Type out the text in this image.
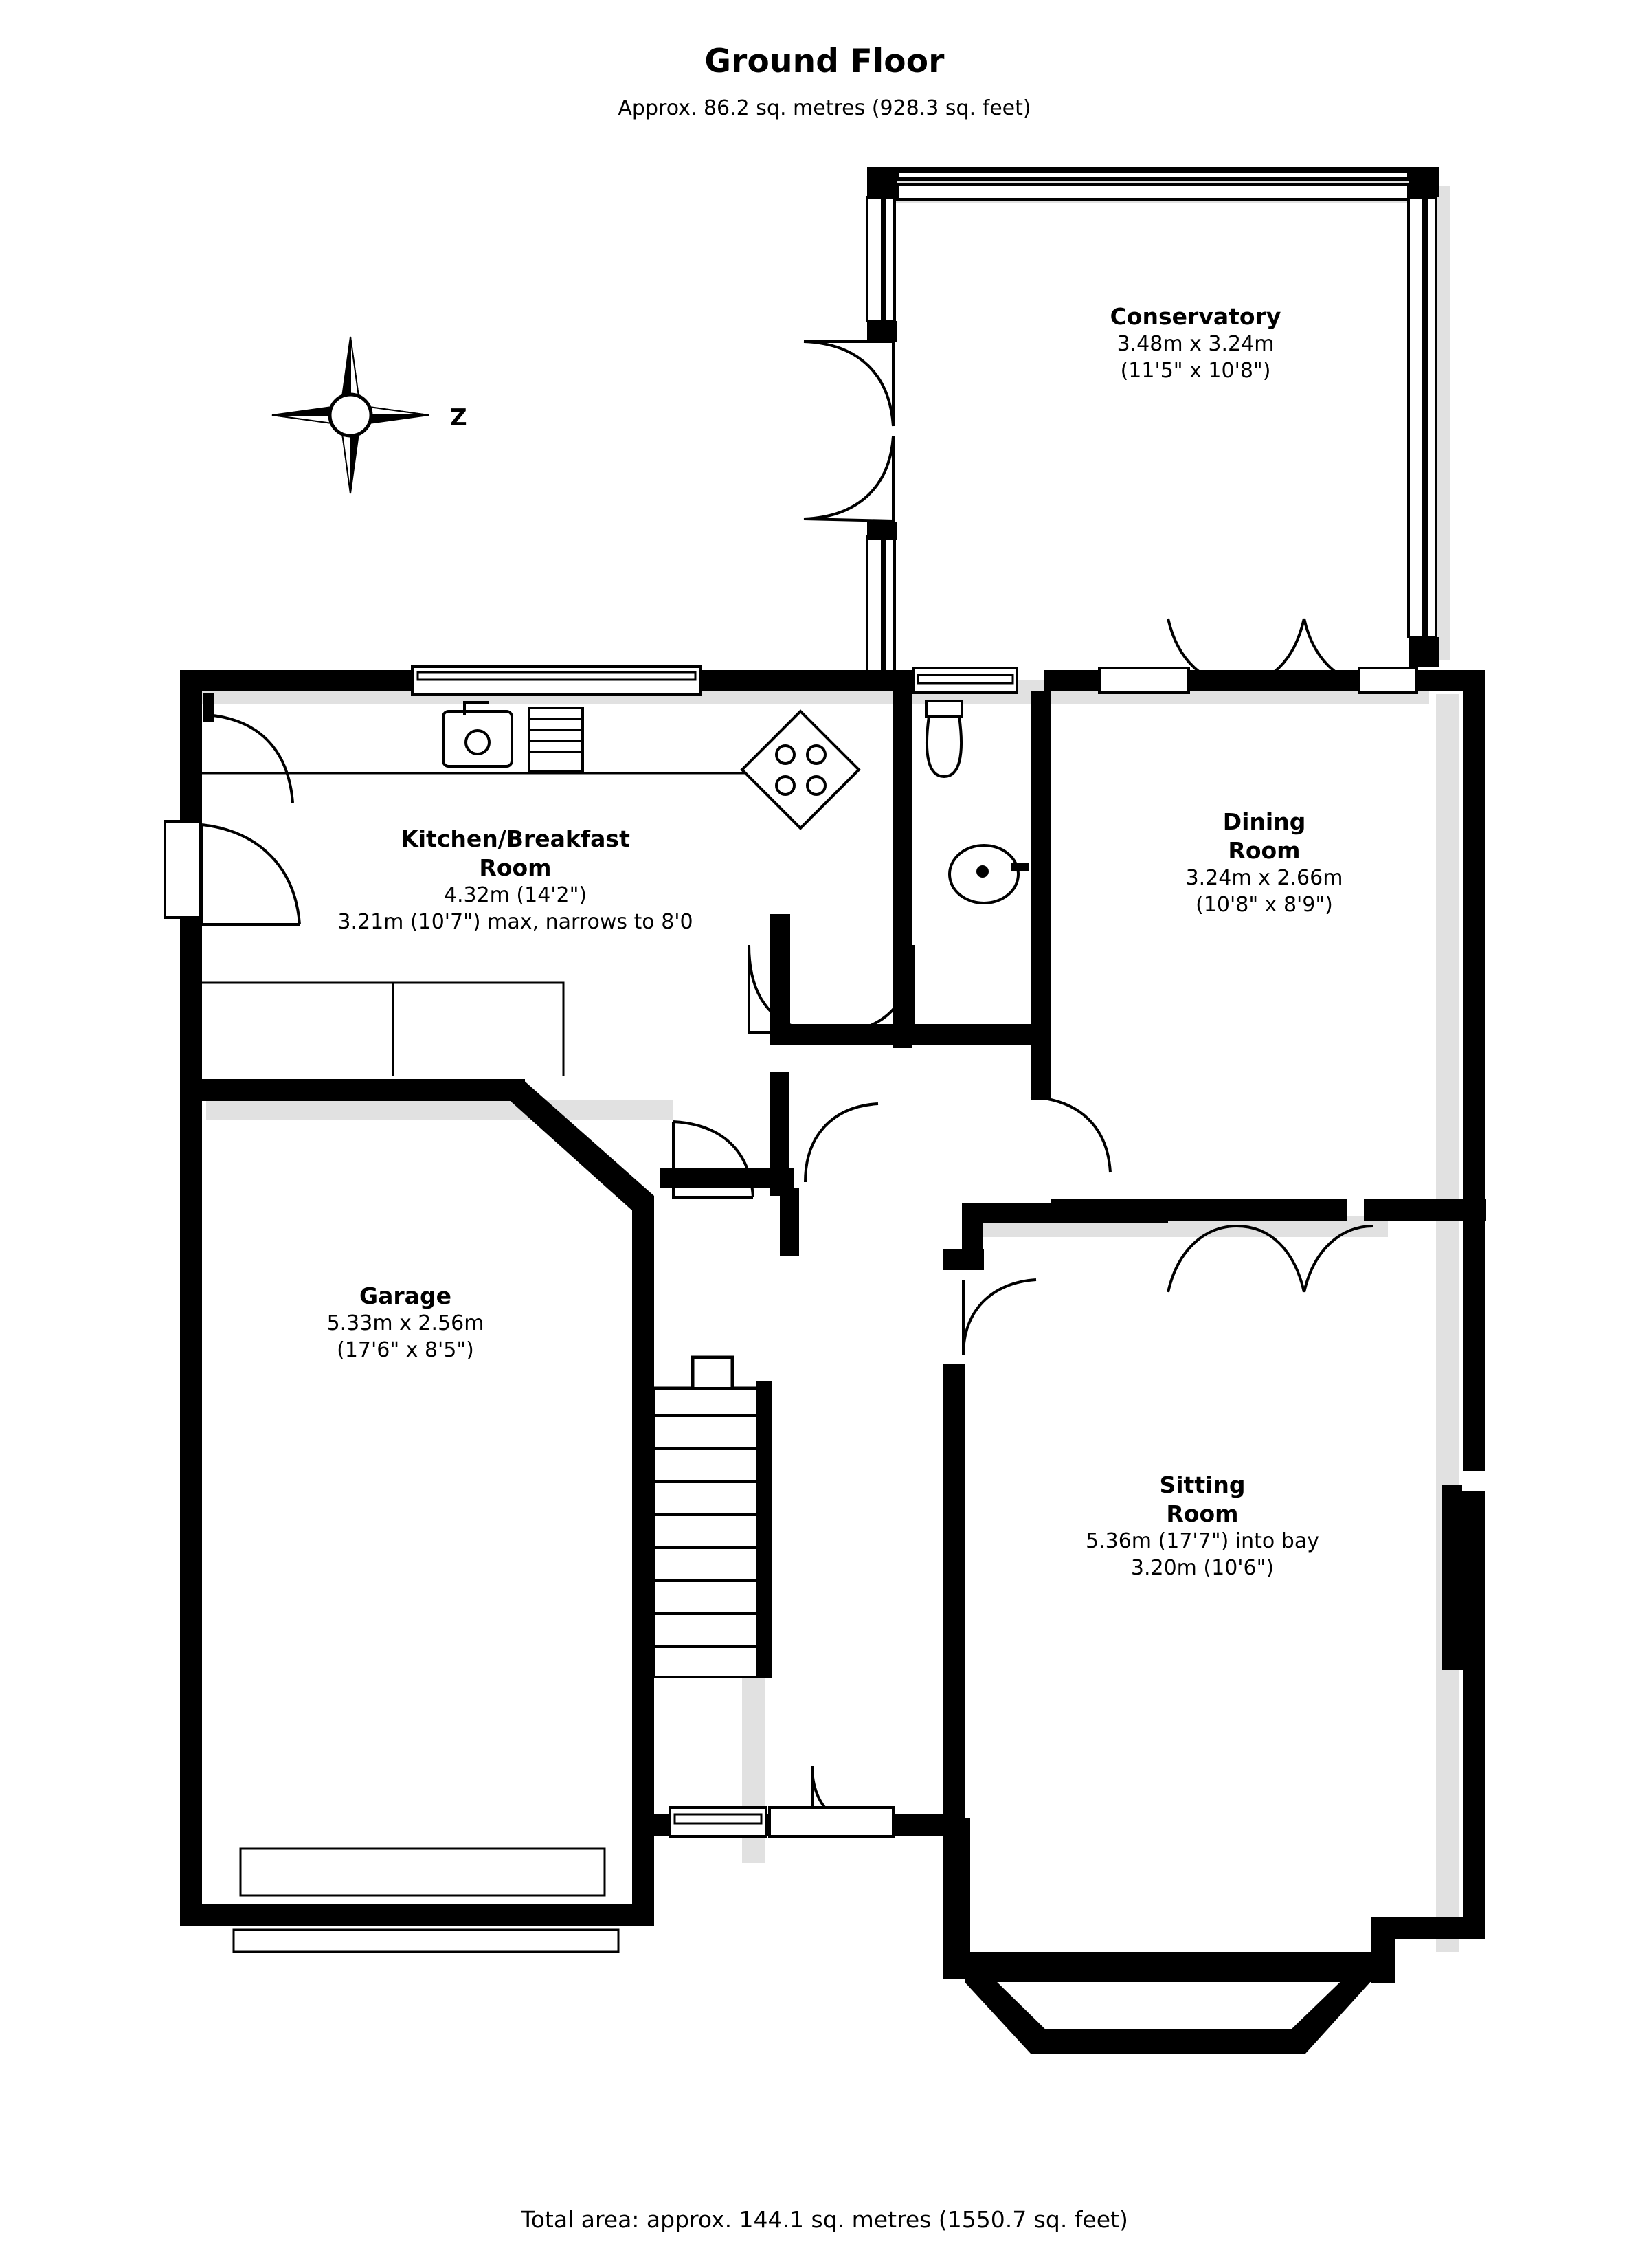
Ground Floor
Approx. 86.2 sq. metres (928.3 sq. feet)
Z
Conservatory
3.48m x 3.24m
(11'5" x 10'8")
Kitchen/Breakfast
Room
4.32m (14'2")
3.21m (10'7") max, narrows to 8'0
Dining
Room
3.24m x 2.66m
(10'8" x 8'9")
Garage
5.33m x 2.56m
(17'6" x 8'5")
Sitting
Room
5.36m (17'7") into bay
3.20m (10'6")
Total area: approx. 144.1 sq. metres (1550.7 sq. feet)
